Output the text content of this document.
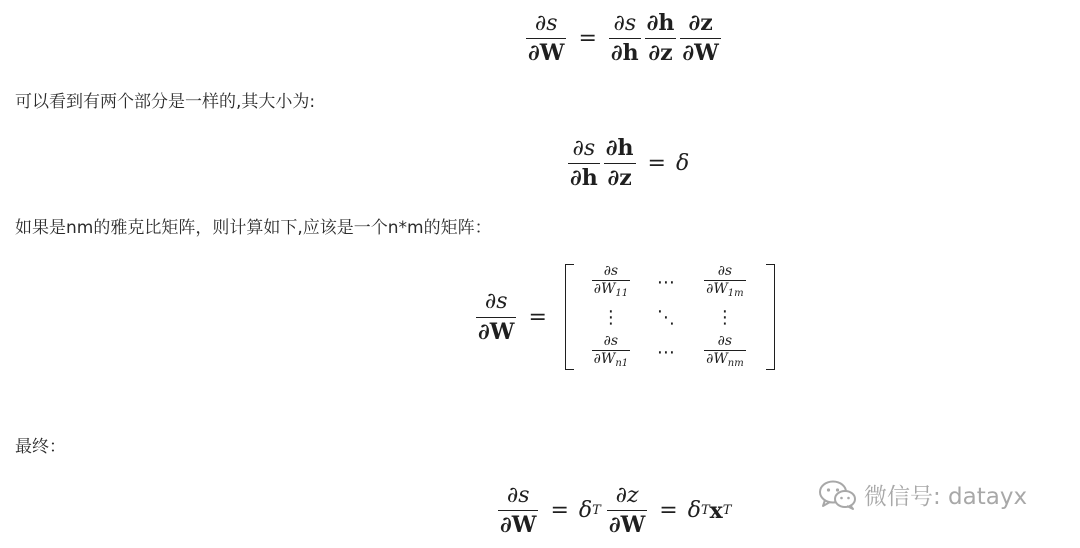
$\frac{\partial s}{\partial W} = \frac{\partial s}{\partial h} \frac{\partial h}{\partial z} \frac{\partial z}{\partial W}$
可以看到有两个部分是一样的,其大小为:
$\frac{\partial s}{\partial h} \frac{\partial h}{\partial z} = \delta$
如果是nm的雅克比矩阵，则计算如下,应该是一个n*m的矩阵：
$\frac{\partial s}{\partial W}$ =
$\frac{\partial s}{\partial W_{11}}$ ⋯ $\frac{\partial s}{\partial W_{1m}}$
⋮ ⋱ ⋮
$\frac{\partial s}{\partial W_{n1}}$ ⋯ $\frac{\partial s}{\partial W_{nm}}$
最终：
$\frac{\partial s}{\partial W} = \delta$ T $\frac{\partial z}{\partial W} = \delta$ T x T
微信号: datayx
